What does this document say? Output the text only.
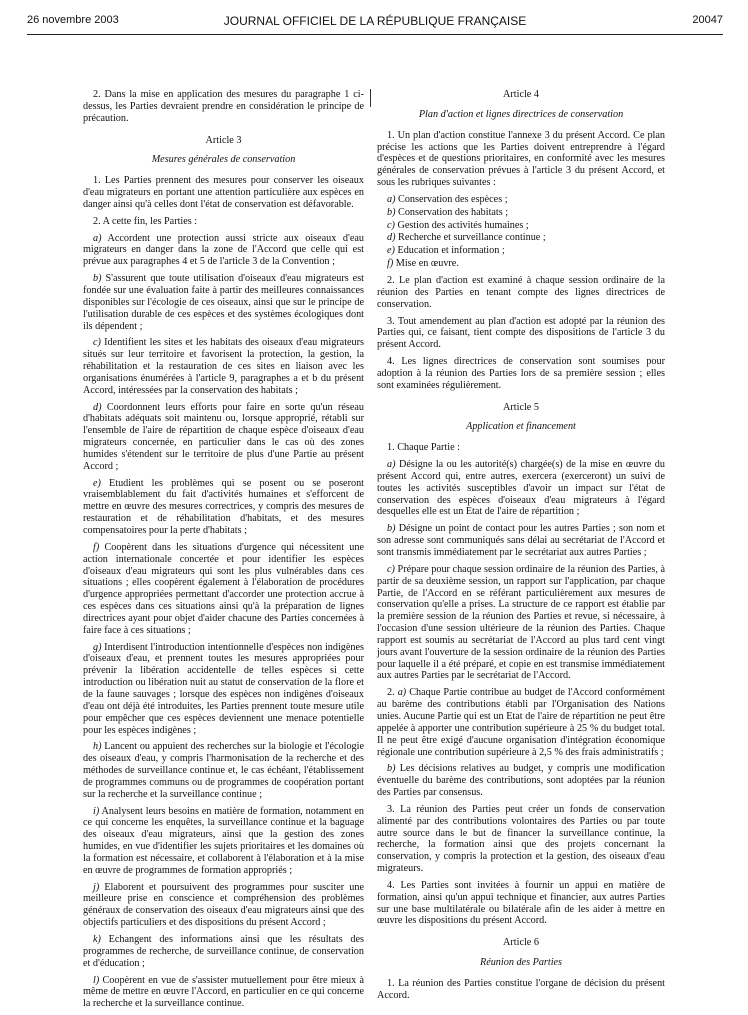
26 novembre 2003	JOURNAL OFFICIEL DE LA RÉPUBLIQUE FRANÇAISE	20047

2. Dans la mise en application des mesures du paragraphe 1 ci-dessus, les Parties devraient prendre en considération le principe de précaution.

Article 3
Mesures générales de conservation

1. Les Parties prennent des mesures pour conserver les oiseaux d'eau migrateurs en portant une attention particulière aux espèces en danger ainsi qu'à celles dont l'état de conservation est défavorable.

2. A cette fin, les Parties :

a) Accordent une protection aussi stricte aux oiseaux d'eau migrateurs en danger dans la zone de l'Accord que celle qui est prévue aux paragraphes 4 et 5 de l'article 3 de la Convention ;

b) S'assurent que toute utilisation d'oiseaux d'eau migrateurs est fondée sur une évaluation faite à partir des meilleures connaissances disponibles sur l'écologie de ces oiseaux, ainsi que sur le principe de l'utilisation durable de ces espèces et des systèmes écologiques dont ils dépendent ;

c) Identifient les sites et les habitats des oiseaux d'eau migrateurs situés sur leur territoire et favorisent la protection, la gestion, la réhabilitation et la restauration de ces sites en liaison avec les organisations énumérées à l'article 9, paragraphes a et b du présent Accord, intéressées par la conservation des habitats ;

d) Coordonnent leurs efforts pour faire en sorte qu'un réseau d'habitats adéquats soit maintenu ou, lorsque approprié, rétabli sur l'ensemble de l'aire de répartition de chaque espèce d'oiseaux d'eau migrateurs concernée, en particulier dans le cas où des zones humides s'étendent sur le territoire de plus d'une Partie au présent Accord ;

e) Etudient les problèmes qui se posent ou se poseront vraisemblablement du fait d'activités humaines et s'efforcent de mettre en œuvre des mesures correctrices, y compris des mesures de restauration et de réhabilitation d'habitats, et des mesures compensatoires pour la perte d'habitats ;

f) Coopèrent dans les situations d'urgence qui nécessitent une action internationale concertée et pour identifier les espèces d'oiseaux d'eau migrateurs qui sont les plus vulnérables dans ces situations ; elles coopèrent également à l'élaboration de procédures d'urgence appropriées permettant d'accorder une protection accrue à ces espèces dans ces situations ainsi qu'à la préparation de lignes directrices ayant pour objet d'aider chacune des Parties concernées à faire face à ces situations ;

g) Interdisent l'introduction intentionnelle d'espèces non indigènes d'oiseaux d'eau, et prennent toutes les mesures appropriées pour prévenir la libération accidentelle de telles espèces si cette introduction ou libération nuit au statut de conservation de la flore et de la faune sauvages ; lorsque des espèces non indigènes d'oiseaux d'eau ont déjà été introduites, les Parties prennent toute mesure utile pour empêcher que ces espèces deviennent une menace potentielle pour les espèces indigènes ;

h) Lancent ou appuient des recherches sur la biologie et l'écologie des oiseaux d'eau, y compris l'harmonisation de la recherche et des méthodes de surveillance continue et, le cas échéant, l'établissement de programmes communs ou de programmes de coopération portant sur la recherche et la surveillance continue ;

i) Analysent leurs besoins en matière de formation, notamment en ce qui concerne les enquêtes, la surveillance continue et la baguage des oiseaux d'eau migrateurs, ainsi que la gestion des zones humides, en vue d'identifier les sujets prioritaires et les domaines où la formation est nécessaire, et collaborent à l'élaboration et à la mise en œuvre de programmes de formation appropriés ;

j) Elaborent et poursuivent des programmes pour susciter une meilleure prise en conscience et compréhension des problèmes généraux de conservation des oiseaux d'eau migrateurs ainsi que des objectifs particuliers et des dispositions du présent Accord ;

k) Echangent des informations ainsi que les résultats des programmes de recherche, de surveillance continue, de conservation et d'éducation ;

l) Coopèrent en vue de s'assister mutuellement pour être mieux à même de mettre en œuvre l'Accord, en particulier en ce qui concerne la recherche et la surveillance continue.

Article 4
Plan d'action et lignes directrices de conservation

1. Un plan d'action constitue l'annexe 3 du présent Accord. Ce plan précise les actions que les Parties doivent entreprendre à l'égard d'espèces et de questions prioritaires, en conformité avec les mesures générales de conservation prévues à l'article 3 du présent Accord, et sous les rubriques suivantes :

a) Conservation des espèces ;

b) Conservation des habitats ;

c) Gestion des activités humaines ;

d) Recherche et surveillance continue ;

e) Education et information ;

f) Mise en œuvre.

2. Le plan d'action est examiné à chaque session ordinaire de la réunion des Parties en tenant compte des lignes directrices de conservation.

3. Tout amendement au plan d'action est adopté par la réunion des Parties qui, ce faisant, tient compte des dispositions de l'article 3 du présent Accord.

4. Les lignes directrices de conservation sont soumises pour adoption à la réunion des Parties lors de sa première session ; elles sont examinées régulièrement.

Article 5
Application et financement

1. Chaque Partie :

a) Désigne la ou les autorité(s) chargée(s) de la mise en œuvre du présent Accord qui, entre autres, exercera (exerceront) un suivi de toutes les activités susceptibles d'avoir un impact sur l'état de conservation des espèces d'oiseaux d'eau migrateurs à l'égard desquelles elle est un Etat de l'aire de répartition ;

b) Désigne un point de contact pour les autres Parties ; son nom et son adresse sont communiqués sans délai au secrétariat de l'Accord et sont transmis immédiatement par le secrétariat aux autres Parties ;

c) Prépare pour chaque session ordinaire de la réunion des Parties, à partir de sa deuxième session, un rapport sur l'application, par chaque Partie, de l'Accord en se référant particulièrement aux mesures de conservation qu'elle a prises. La structure de ce rapport est établie par la première session de la réunion des Parties et revue, si nécessaire, à l'occasion d'une session ultérieure de la réunion des Parties. Chaque rapport est soumis au secrétariat de l'Accord au plus tard cent vingt jours avant l'ouverture de la session ordinaire de la réunion des Parties pour laquelle il a été préparé, et copie en est transmise immédiatement aux autres Parties par le secrétariat de l'Accord.

2. a) Chaque Partie contribue au budget de l'Accord conformément au barème des contributions établi par l'Organisation des Nations unies. Aucune Partie qui est un Etat de l'aire de répartition ne peut être appelée à apporter une contribution supérieure à 25 % du budget total. Il ne peut être exigé d'aucune organisation d'intégration économique régionale une contribution supérieure à 2,5 % des frais administratifs ;

b) Les décisions relatives au budget, y compris une modification éventuelle du barème des contributions, sont adoptées par la réunion des Parties par consensus.

3. La réunion des Parties peut créer un fonds de conservation alimenté par des contributions volontaires des Parties ou par toute autre source dans le but de financer la surveillance continue, la recherche, la formation ainsi que des projets concernant la conservation, y compris la protection et la gestion, des oiseaux d'eau migrateurs.

4. Les Parties sont invitées à fournir un appui en matière de formation, ainsi qu'un appui technique et financier, aux autres Parties sur une base multilatérale ou bilatérale afin de les aider à mettre en œuvre les dispositions du présent Accord.

Article 6
Réunion des Parties

1. La réunion des Parties constitue l'organe de décision du présent Accord.
